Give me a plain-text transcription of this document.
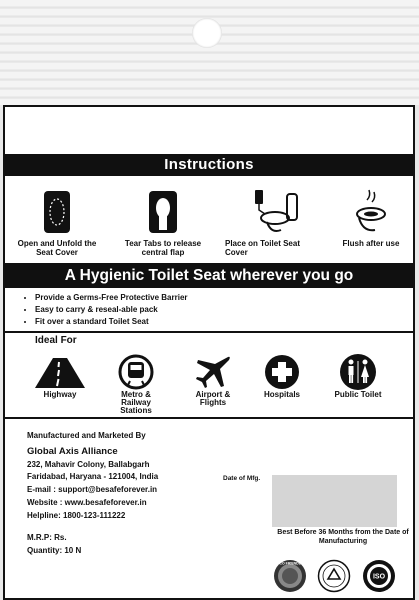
Instructions
Open and Unfold the Seat Cover
Tear Tabs to release central flap
Place on Toilet Seat Cover
Flush after use
A Hygienic Toilet Seat wherever you go
• Provide a Germs-Free Protective Barrier
• Easy to carry & reseal-able pack
• Fit over a standard Toilet Seat
Ideal For
Highway	Metro & Railway Stations
Airport & Flights
Hospitals	Public Toilet
Manufactured and Marketed By
Global Axis Alliance
232, Mahavir Colony, Ballabgarh
Faridabad, Haryana - 121004, India
E-mail : support@besafeforever.in
Website : www.besafeforever.in
Helpline: 1800-123-111222
M.R.P: Rs.
Quantity: 10 N
Date of Mfg.
Best Before 36 Months from the Date of Manufacturing
ECO FRIENDLY
ISO
